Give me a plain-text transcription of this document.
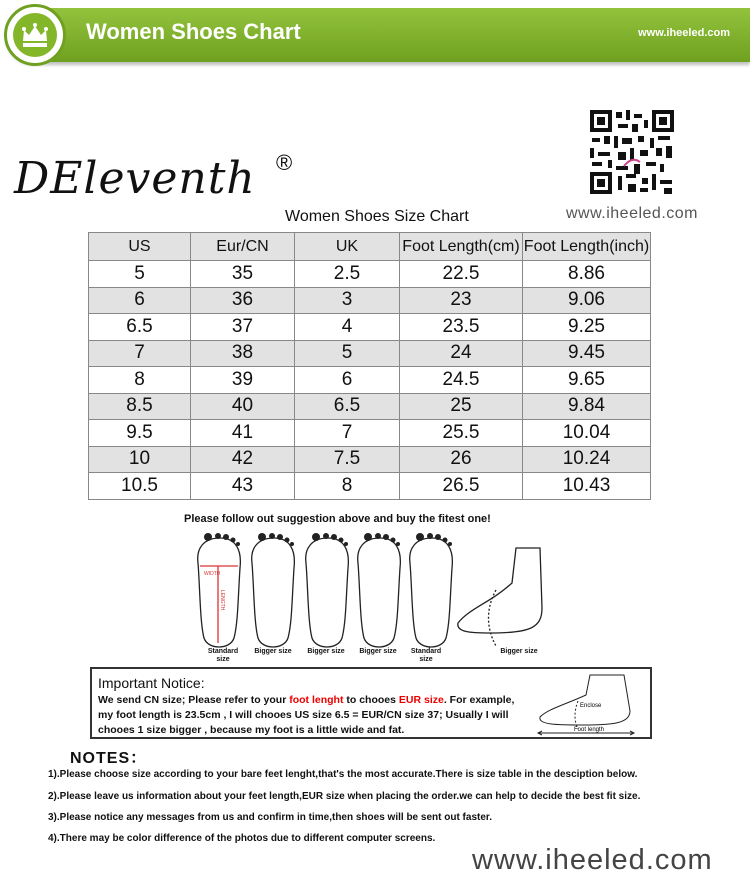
Women Shoes Chart	www.iheeled.com
DEleventh ®
www.iheeled.com
Women Shoes Size Chart
US	Eur/CN	UK	Foot Length(cm)	Foot Length(inch)
5	35	2.5	22.5	8.86
6	36	3	23	9.06
6.5	37	4	23.5	9.25
7	38	5	24	9.45
8	39	6	24.5	9.65
8.5	40	6.5	25	9.84
9.5	41	7	25.5	10.04
10	42	7.5	26	10.24
10.5	43	8	26.5	10.43
Please follow out suggestion above and buy the fitest one!
WIDTH
LENGTH
Standard size
Bigger size Bigger size Bigger size	Standard size
Bigger size
Important Notice:
We send CN size; Please refer to your foot lenght to chooes EUR size. For example,
my foot length is 23.5cm , I will chooes US size 6.5 = EUR/CN size 37; Usually I will
chooes 1 size bigger , because my foot is a little wide and fat.
Enclose
Foot length
NOTES：
1).Please choose size according to your bare feet lenght,that's the most accurate.There is size table in the desciption below.
2).Please leave us information about your feet length,EUR size when placing the order.we can help to decide the best fit size.
3).Please notice any messages from us and confirm in time,then shoes will be sent out faster.
4).There may be color difference of the photos due to different computer screens.
www.iheeled.com
